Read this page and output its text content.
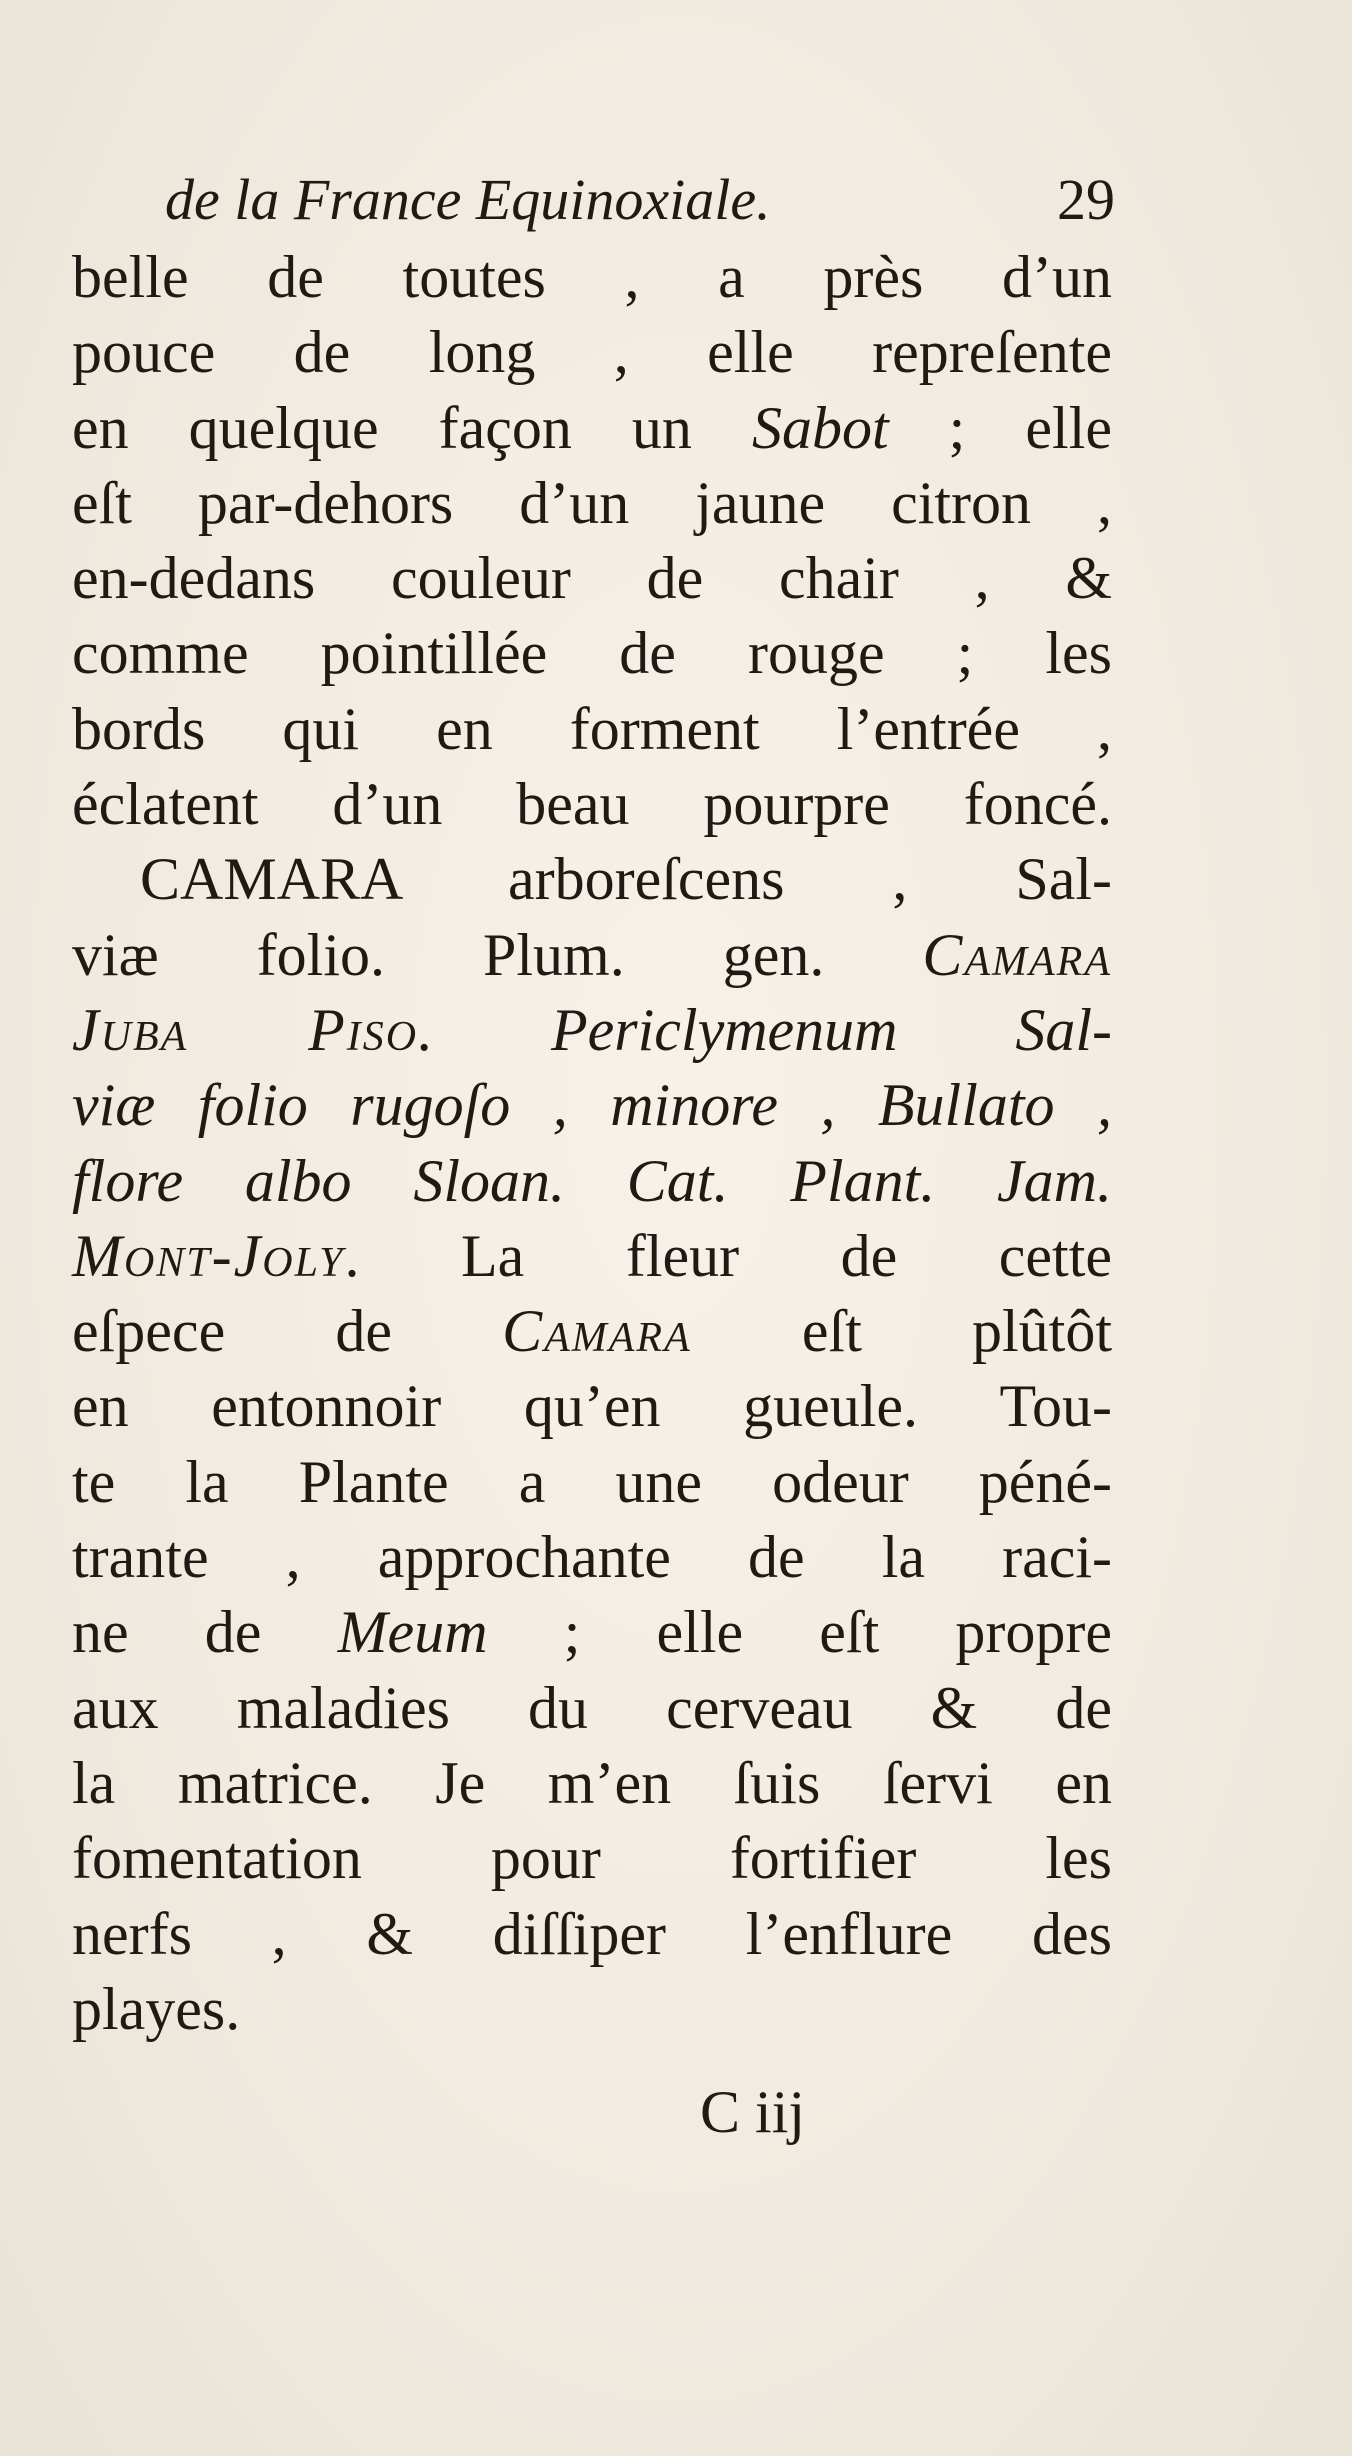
de la France Equinoxiale.	29
belle de toutes , a près d’un
pouce de long , elle repreſente
en quelque façon un Sabot ; elle
eſt par-dehors d’un jaune citron ,
en-dedans couleur de chair , &
comme pointillée de rouge ; les
bords qui en forment l’entrée ,
éclatent d’un beau pourpre foncé.
CAMARA arboreſcens , Sal-
viæ folio. Plum. gen. Camara
Juba Piso. Periclymenum Sal-
viæ folio rugoſo , minore , Bullato ,
flore albo Sloan. Cat. Plant. Jam.
Mont-Joly. La fleur de cette
eſpece de Camara eſt plûtôt
en entonnoir qu’en gueule. Tou-
te la Plante a une odeur péné-
trante , approchante de la raci-
ne de Meum ; elle eſt propre
aux maladies du cerveau & de
la matrice. Je m’en ſuis ſervi en
fomentation pour fortifier les
nerfs , & diſſiper l’enflure des
playes.
C iij
